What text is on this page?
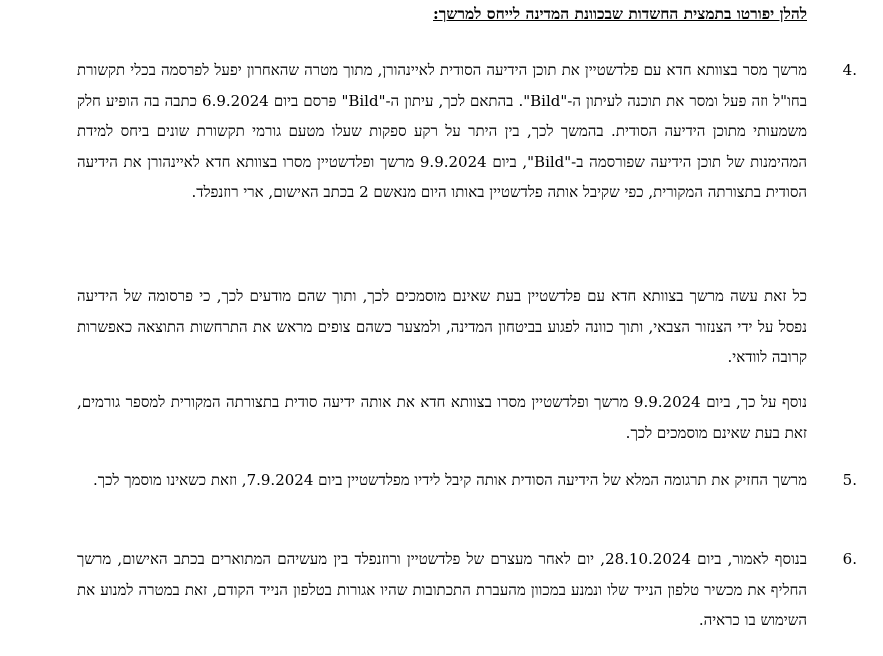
להלן יפורטו בתמצית החשדות שבכוונת המדינה לייחס למרשך:
.4
מרשך מסר בצוותא חדא עם פלדשטיין את תוכן הידיעה הסודית לאיינהורן, מתוך מטרה שהאחרון יפעל לפרסמה בכלי תקשורת בחו"ל וזה פעל ומסר את תוכנה לעיתון ה-"Bild". בהתאם לכך, עיתון ה-"Bild" פרסם ביום 6.9.2024 כתבה בה הופיע חלק משמעותי מתוכן הידיעה הסודית. בהמשך לכך, בין היתר על רקע ספקות שעלו מטעם גורמי תקשורת שונים ביחס למידת המהימנות של תוכן הידיעה שפורסמה ב-"Bild", ביום 9.9.2024 מרשך ופלדשטיין מסרו בצוותא חדא לאיינהורן את הידיעה הסודית בתצורתה המקורית, כפי שקיבל אותה פלדשטיין באותו היום מנאשם 2 בכתב האישום, ארי רוזנפלד.
כל זאת עשה מרשך בצוותא חדא עם פלדשטיין בעת שאינם מוסמכים לכך, ותוך שהם מודעים לכך, כי פרסומה של הידיעה נפסל על ידי הצנזור הצבאי, ותוך כוונה לפגוע בביטחון המדינה, ולמצער כשהם צופים מראש את התרחשות התוצאה כאפשרות קרובה לוודאי.
נוסף על כך, ביום 9.9.2024 מרשך ופלדשטיין מסרו בצוותא חדא את אותה ידיעה סודית בתצורתה המקורית למספר גורמים, זאת בעת שאינם מוסמכים לכך.
.5
מרשך החזיק את תרגומה המלא של הידיעה הסודית אותה קיבל לידיו מפלדשטיין ביום 7.9.2024, וזאת כשאינו מוסמך לכך.
.6
בנוסף לאמור, ביום 28.10.2024, יום לאחר מעצרם של פלדשטיין ורוזנפלד בין מעשיהם המתוארים בכתב האישום, מרשך החליף את מכשיר טלפון הנייד שלו ונמנע במכוון מהעברת התכתובות שהיו אגורות בטלפון הנייד הקודם, זאת במטרה למנוע את השימוש בו כראיה.
